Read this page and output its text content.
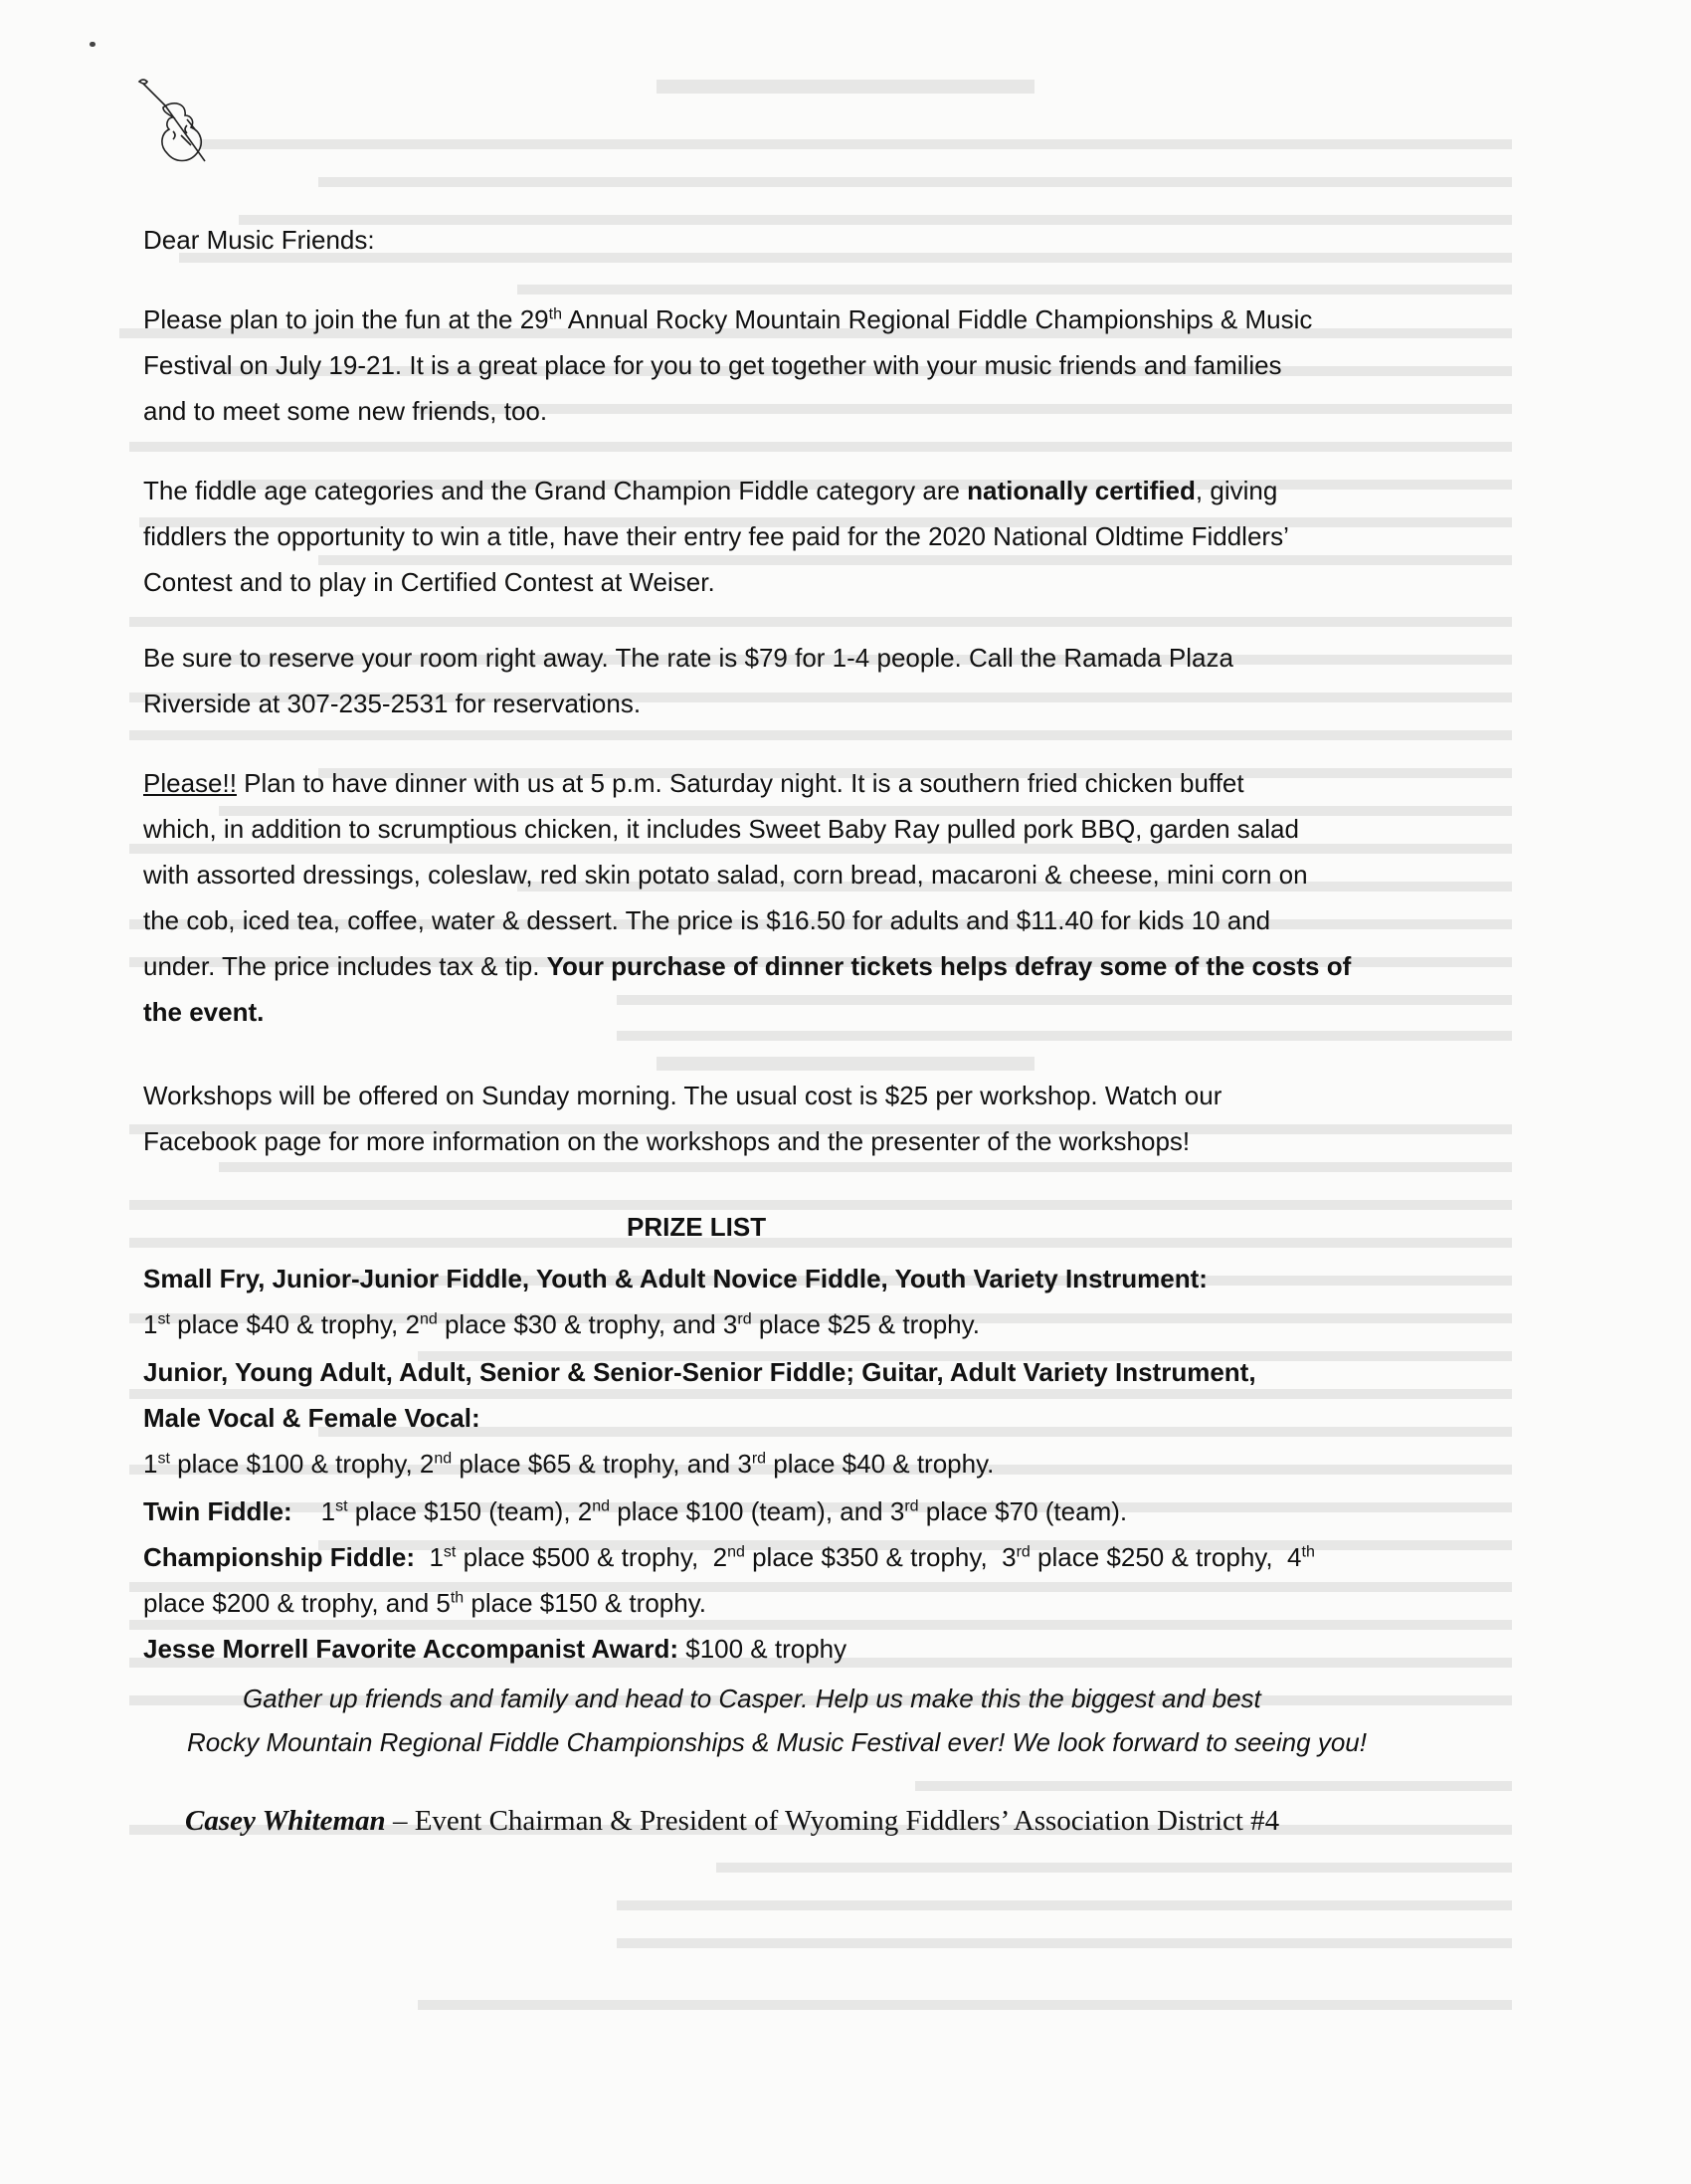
Dear Music Friends:
Please plan to join the fun at the 29th Annual Rocky Mountain Regional Fiddle Championships & Music
Festival on July 19-21. It is a great place for you to get together with your music friends and families
and to meet some new friends, too.
The fiddle age categories and the Grand Champion Fiddle category are nationally certified, giving
fiddlers the opportunity to win a title, have their entry fee paid for the 2020 National Oldtime Fiddlers’
Contest and to play in Certified Contest at Weiser.
Be sure to reserve your room right away. The rate is $79 for 1-4 people. Call the Ramada Plaza
Riverside at 307-235-2531 for reservations.
Please!! Plan to have dinner with us at 5 p.m. Saturday night. It is a southern fried chicken buffet
which, in addition to scrumptious chicken, it includes Sweet Baby Ray pulled pork BBQ, garden salad
with assorted dressings, coleslaw, red skin potato salad, corn bread, macaroni & cheese, mini corn on
the cob, iced tea, coffee, water & dessert. The price is $16.50 for adults and $11.40 for kids 10 and
under. The price includes tax & tip. Your purchase of dinner tickets helps defray some of the costs of
the event.
Workshops will be offered on Sunday morning. The usual cost is $25 per workshop. Watch our
Facebook page for more information on the workshops and the presenter of the workshops!
PRIZE LIST
Small Fry, Junior-Junior Fiddle, Youth & Adult Novice Fiddle, Youth Variety Instrument:
1st place $40 & trophy, 2nd place $30 & trophy, and 3rd place $25 & trophy.
Junior, Young Adult, Adult, Senior & Senior-Senior Fiddle; Guitar, Adult Variety Instrument,
Male Vocal & Female Vocal:
1st place $100 & trophy, 2nd place $65 & trophy, and 3rd place $40 & trophy.
Twin Fiddle:    1st place $150 (team), 2nd place $100 (team), and 3rd place $70 (team).
Championship Fiddle:  1st place $500 & trophy,  2nd place $350 & trophy,  3rd place $250 & trophy,  4th
place $200 & trophy, and 5th place $150 & trophy.
Jesse Morrell Favorite Accompanist Award: $100 & trophy
Gather up friends and family and head to Casper. Help us make this the biggest and best
Rocky Mountain Regional Fiddle Championships & Music Festival ever! We look forward to seeing you!
Casey Whiteman – Event Chairman & President of Wyoming Fiddlers’ Association District #4
